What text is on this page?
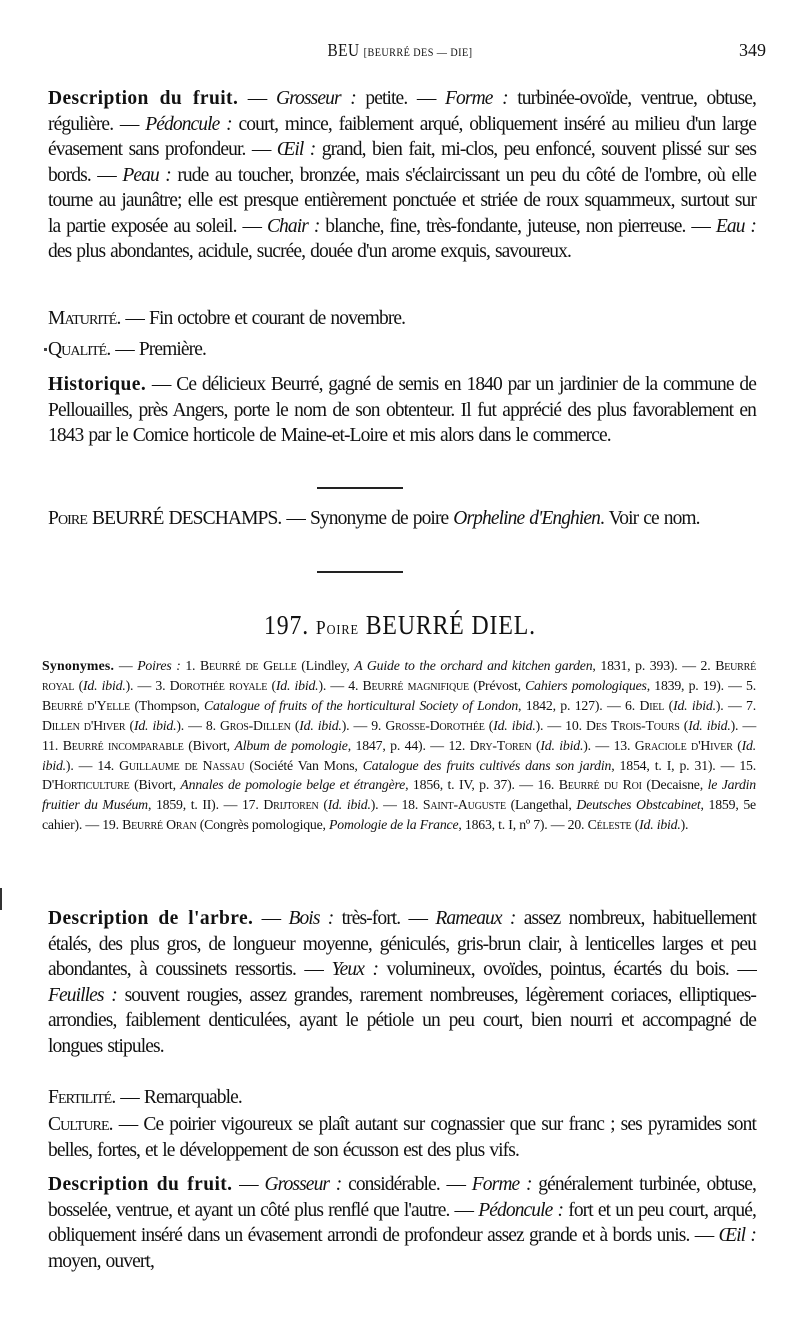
BEU [BEURRÉ DES — DIE]	349

Description du fruit. — Grosseur : petite. — Forme : turbinée-ovoïde, ventrue, obtuse, régulière. — Pédoncule : court, mince, faiblement arqué, obliquement inséré au milieu d'un large évasement sans profondeur. — Œil : grand, bien fait, mi-clos, peu enfoncé, souvent plissé sur ses bords. — Peau : rude au toucher, bronzée, mais s'éclaircissant un peu du côté de l'ombre, où elle tourne au jaunâtre; elle est presque entièrement ponctuée et striée de roux squammeux, surtout sur la partie exposée au soleil. — Chair : blanche, fine, très-fondante, juteuse, non pierreuse. — Eau : des plus abondantes, acidule, sucrée, douée d'un arome exquis, savoureux.

Maturité. — Fin octobre et courant de novembre.

Qualité. — Première.

Historique. — Ce délicieux Beurré, gagné de semis en 1840 par un jardinier de la commune de Pellouailles, près Angers, porte le nom de son obtenteur. Il fut apprécié des plus favorablement en 1843 par le Comice horticole de Maine-et-Loire et mis alors dans le commerce.

Poire BEURRÉ DESCHAMPS. — Synonyme de poire Orpheline d'Enghien. Voir ce nom.

197. Poire BEURRÉ DIEL.

Synonymes. — Poires : 1. Beurré de Gelle (Lindley, A Guide to the orchard and kitchen garden, 1831, p. 393). — 2. Beurré royal (Id. ibid.). — 3. Dorothée royale (Id. ibid.). — 4. Beurré magnifique (Prévost, Cahiers pomologiques, 1839, p. 19). — 5. Beurré d'Yelle (Thompson, Catalogue of fruits of the horticultural Society of London, 1842, p. 127). — 6. Diel (Id. ibid.). — 7. Dillen d'Hiver (Id. ibid.). — 8. Gros-Dillen (Id. ibid.). — 9. Grosse-Dorothée (Id. ibid.). — 10. Des Trois-Tours (Id. ibid.). — 11. Beurré incomparable (Bivort, Album de pomologie, 1847, p. 44). — 12. Dry-Toren (Id. ibid.). — 13. Graciole d'Hiver (Id. ibid.). — 14. Guillaume de Nassau (Société Van Mons, Catalogue des fruits cultivés dans son jardin, 1854, t. I, p. 31). — 15. D'Horticulture (Bivort, Annales de pomologie belge et étrangère, 1856, t. IV, p. 37). — 16. Beurré du Roi (Decaisne, le Jardin fruitier du Muséum, 1859, t. II). — 17. Drijtoren (Id. ibid.). — 18. Saint-Auguste (Langethal, Deutsches Obstcabinet, 1859, 5e cahier). — 19. Beurré Oran (Congrès pomologique, Pomologie de la France, 1863, t. I, nº 7). — 20. Céleste (Id. ibid.).

Description de l'arbre. — Bois : très-fort. — Rameaux : assez nombreux, habituellement étalés, des plus gros, de longueur moyenne, géniculés, gris-brun clair, à lenticelles larges et peu abondantes, à coussinets ressortis. — Yeux : volumineux, ovoïdes, pointus, écartés du bois. — Feuilles : souvent rougies, assez grandes, rarement nombreuses, légèrement coriaces, elliptiques-arrondies, faiblement denticulées, ayant le pétiole un peu court, bien nourri et accompagné de longues stipules.

Fertilité. — Remarquable.

Culture. — Ce poirier vigoureux se plaît autant sur cognassier que sur franc ; ses pyramides sont belles, fortes, et le développement de son écusson est des plus vifs.

Description du fruit. — Grosseur : considérable. — Forme : généralement turbinée, obtuse, bosselée, ventrue, et ayant un côté plus renflé que l'autre. — Pédoncule : fort et un peu court, arqué, obliquement inséré dans un évasement arrondi de profondeur assez grande et à bords unis. — Œil : moyen, ouvert,
